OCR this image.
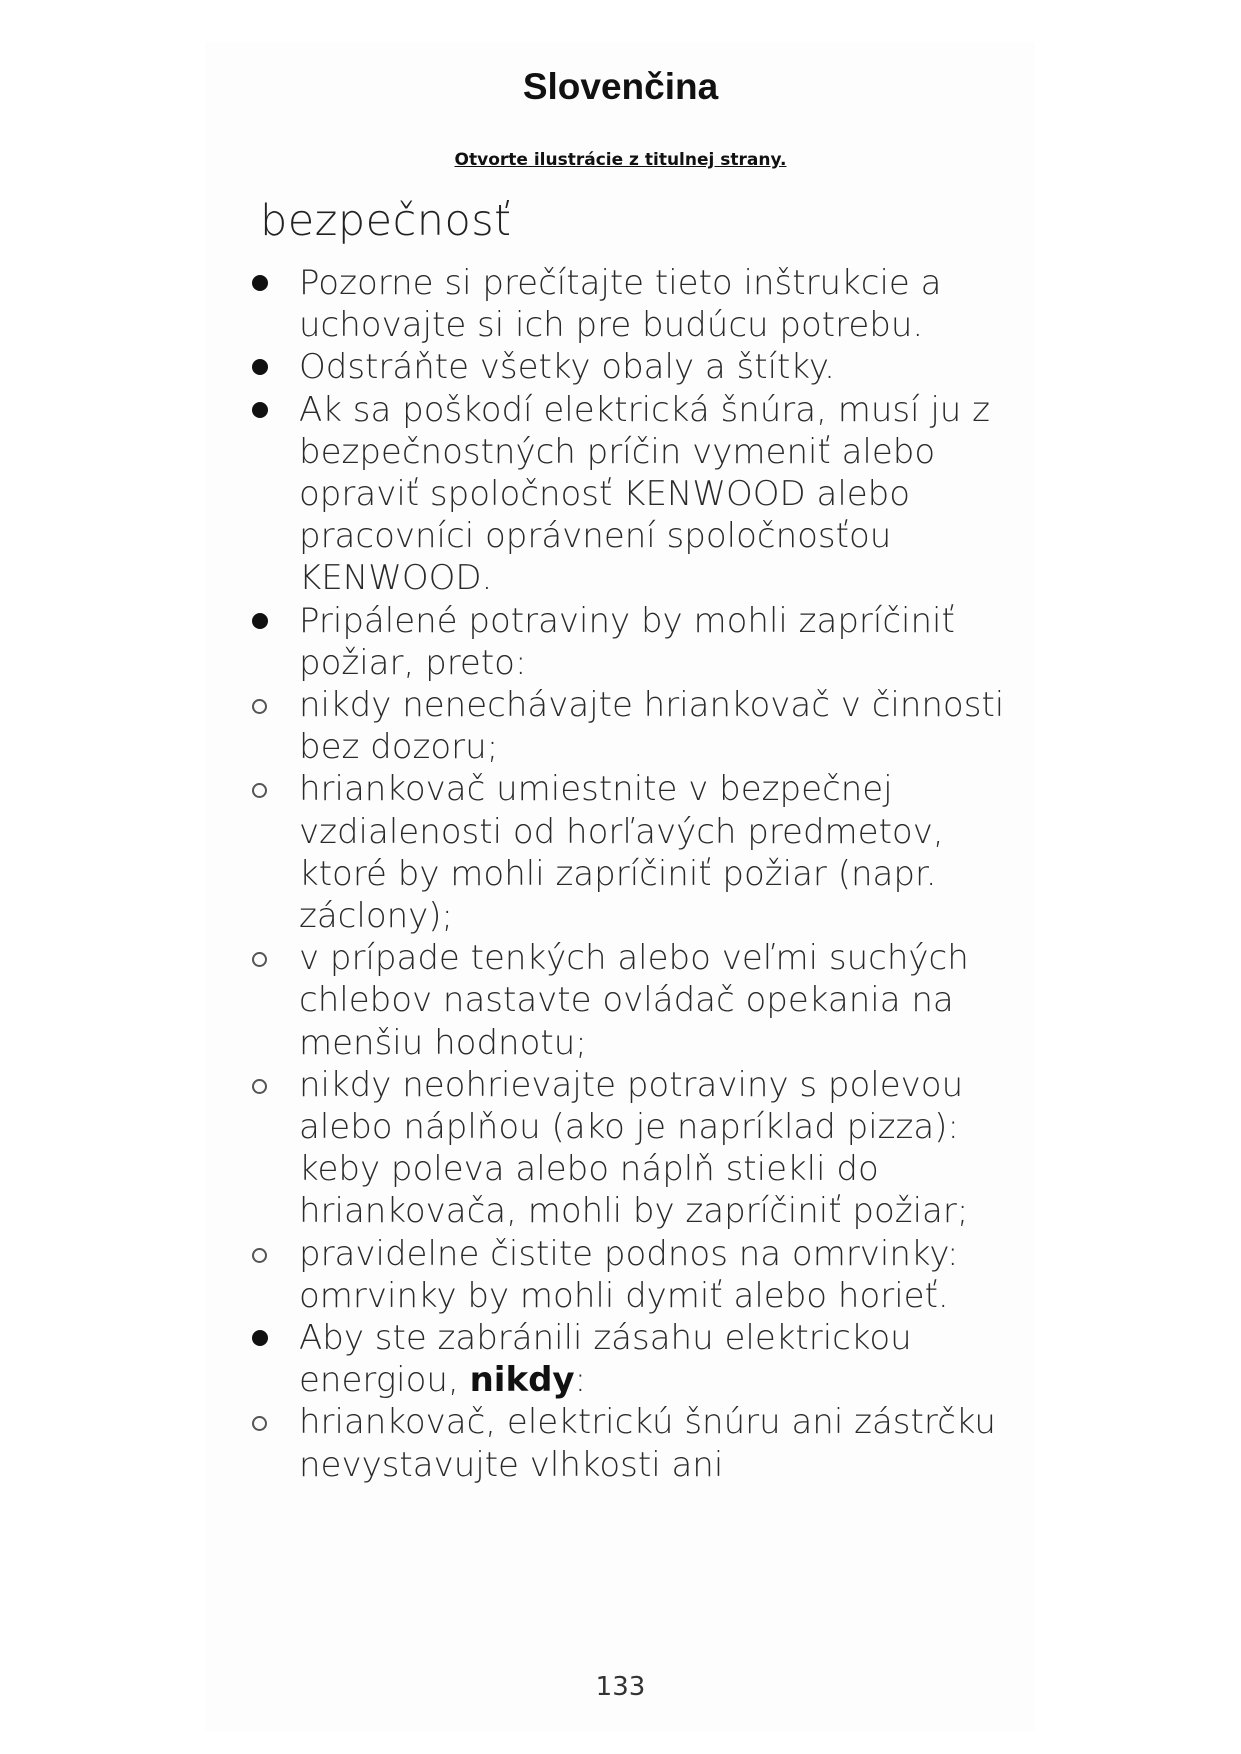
Slovenčina
Otvorte ilustrácie z titulnej strany.
bezpečnosť
Pozorne si prečítajte tieto inštrukcie a uchovajte si ich pre budúcu potrebu.
Odstráňte všetky obaly a štítky.
Ak sa poškodí elektrická šnúra, musí ju z bezpečnostných príčin vymeniť alebo opraviť spoločnosť KENWOOD alebo pracovníci oprávnení spoločnosťou KENWOOD.
Pripálené potraviny by mohli zapríčiniť požiar, preto:
nikdy nenechávajte hriankovač v činnosti bez dozoru;
hriankovač umiestnite v bezpečnej vzdialenosti od horľavých predmetov, ktoré by mohli zapríčiniť požiar (napr. záclony);
v prípade tenkých alebo veľmi suchých chlebov nastavte ovládač opekania na menšiu hodnotu;
nikdy neohrievajte potraviny s polevou alebo náplňou (ako je napríklad pizza): keby poleva alebo náplň stiekli do hriankovača, mohli by zapríčiniť požiar;
pravidelne čistite podnos na omrvinky: omrvinky by mohli dymiť alebo horieť.
Aby ste zabránili zásahu elektrickou energiou, nikdy:
hriankovač, elektrickú šnúru ani zástrčku nevystavujte vlhkosti ani
133
